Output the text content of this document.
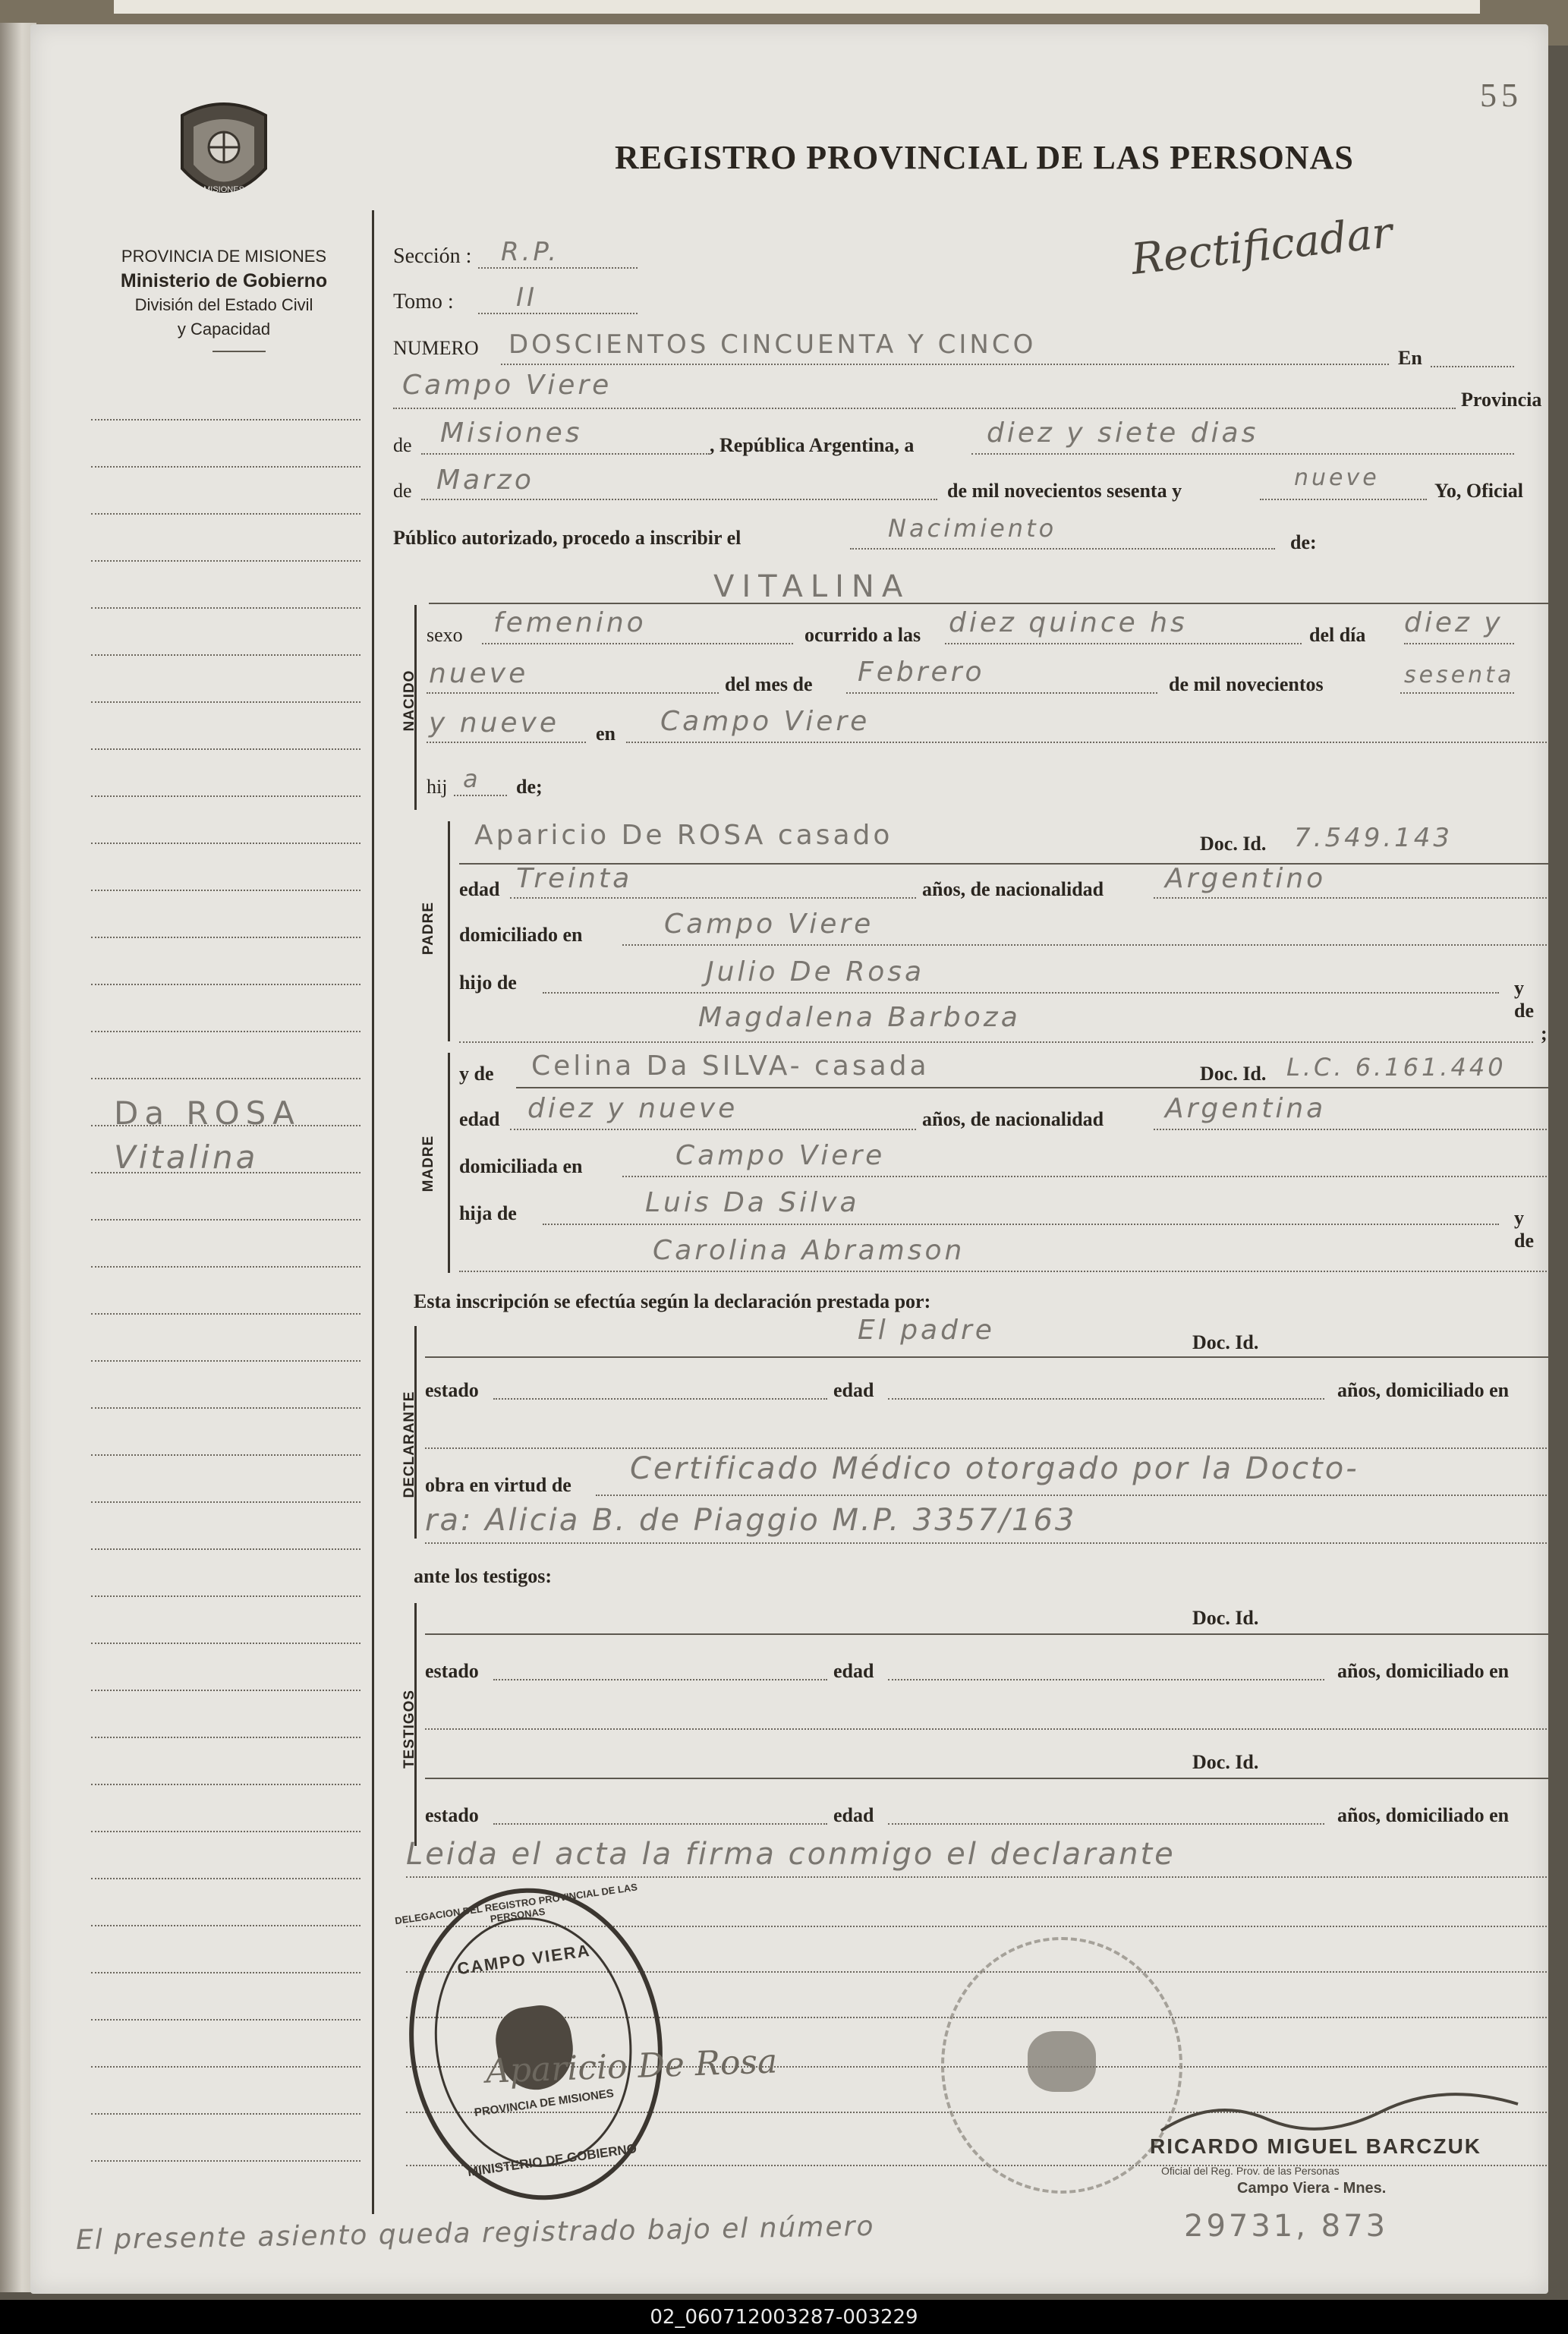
55
MISIONES
REGISTRO PROVINCIAL DE LAS PERSONAS
Rectificadar
PROVINCIA DE MISIONES
Ministerio de Gobierno
División del Estado Civil
y Capacidad
Da ROSA
Vitalina
Sección : R.P.
Tomo : II
NUMERO DOSCIENTOS CINCUENTA Y CINCO	En
Campo Viere	Provincia
de Misiones	, República Argentina, a	diez y siete dias
de Marzo	de mil novecientos sesenta y	nueve	Yo, Oficial
Público autorizado, procedo a inscribir el	Nacimiento	de:
VITALINA
NACIDO
sexo femenino	ocurrido a las diez quince hs	del día diez y
nueve	del mes de Febrero	de mil novecientos	sesenta
y nueve en Campo Viere
hij a de;
PADRE
Aparicio De ROSA casado	Doc. Id. 7.549.143
edad Treinta	años, de nacionalidad Argentino
domiciliado en	Campo Viere
hijo de	Julio De Rosa
y de
Magdalena Barboza
;
MADRE
y de Celina Da SILVA- casada	Doc. Id. L.C. 6.161.440
edad diez y nueve	años, de nacionalidad Argentina
domiciliada en	Campo Viere
hija de	Luis Da Silva	y de
Carolina Abramson
Esta inscripción se efectúa según la declaración prestada por:
DECLARANTE
El padre	Doc. Id.
estado	edad	años, domiciliado en
obra en virtud de Certificado Médico otorgado por la Docto-
ra: Alicia B. de Piaggio M.P. 3357/163
ante los testigos:
TESTIGOS
Doc. Id.
estado	edad	años, domiciliado en
Doc. Id.
estado	edad	años, domiciliado en
Leida el acta la firma conmigo el declarante
CAMPO VIERA
PROVINCIA DE MISIONES
MINISTERIO DE GOBIERNO
DELEGACION DEL REGISTRO PROVINCIAL DE LAS PERSONAS
Aparicio De Rosa
RICARDO MIGUEL BARCZUK
Oficial del Reg. Prov. de las Personas
Campo Viera - Mnes.
El presente asiento queda registrado bajo el número	29731, 873
02_060712003287-003229
